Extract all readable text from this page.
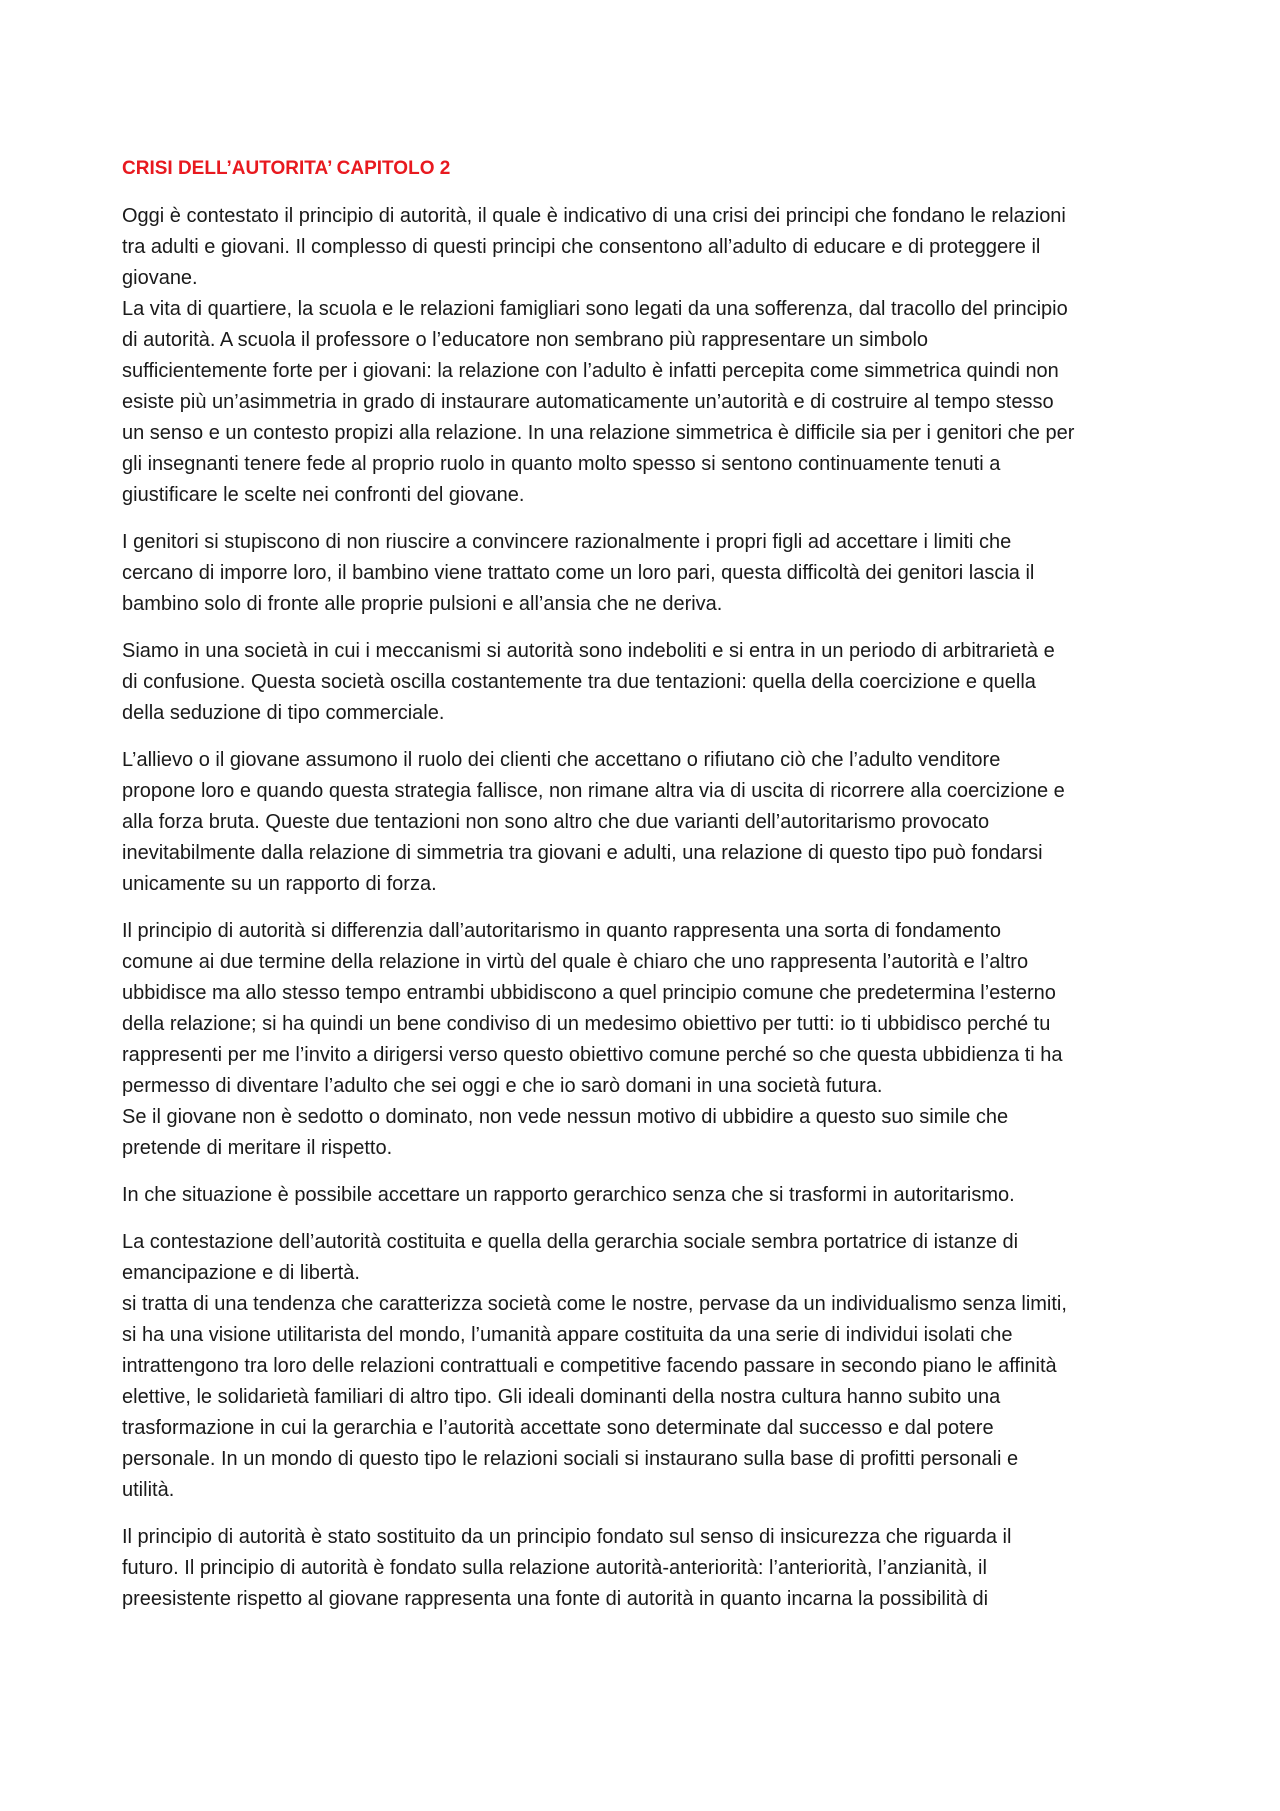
CRISI DELL’AUTORITA’ CAPITOLO 2

Oggi è contestato il principio di autorità, il quale è indicativo di una crisi dei principi che fondano le relazioni
tra adulti e giovani. Il complesso di questi principi che consentono all’adulto di educare e di proteggere il
giovane.
La vita di quartiere, la scuola e le relazioni famigliari sono legati da una sofferenza, dal tracollo del principio
di autorità. A scuola il professore o l’educatore non sembrano più rappresentare un simbolo
sufficientemente forte per i giovani: la relazione con l’adulto è infatti percepita come simmetrica quindi non
esiste più un’asimmetria in grado di instaurare automaticamente un’autorità e di costruire al tempo stesso
un senso e un contesto propizi alla relazione. In una relazione simmetrica è difficile sia per i genitori che per
gli insegnanti tenere fede al proprio ruolo in quanto molto spesso si sentono continuamente tenuti a
giustificare le scelte nei confronti del giovane.

I genitori si stupiscono di non riuscire a convincere razionalmente i propri figli ad accettare i limiti che
cercano di imporre loro, il bambino viene trattato come un loro pari, questa difficoltà dei genitori lascia il
bambino solo di fronte alle proprie pulsioni e all’ansia che ne deriva.

Siamo in una società in cui i meccanismi si autorità sono indeboliti e si entra in un periodo di arbitrarietà e
di confusione. Questa società oscilla costantemente tra due tentazioni: quella della coercizione e quella
della seduzione di tipo commerciale.

L’allievo o il giovane assumono il ruolo dei clienti che accettano o rifiutano ciò che l’adulto venditore
propone loro e quando questa strategia fallisce, non rimane altra via di uscita di ricorrere alla coercizione e
alla forza bruta. Queste due tentazioni non sono altro che due varianti dell’autoritarismo provocato
inevitabilmente dalla relazione di simmetria tra giovani e adulti, una relazione di questo tipo può fondarsi
unicamente su un rapporto di forza.

Il principio di autorità si differenzia dall’autoritarismo in quanto rappresenta una sorta di fondamento
comune ai due termine della relazione in virtù del quale è chiaro che uno rappresenta l’autorità e l’altro
ubbidisce ma allo stesso tempo entrambi ubbidiscono a quel principio comune che predetermina l’esterno
della relazione; si ha quindi un bene condiviso di un medesimo obiettivo per tutti: io ti ubbidisco perché tu
rappresenti per me l’invito a dirigersi verso questo obiettivo comune perché so che questa ubbidienza ti ha
permesso di diventare l’adulto che sei oggi e che io sarò domani in una società futura.
Se il giovane non è sedotto o dominato, non vede nessun motivo di ubbidire a questo suo simile che
pretende di meritare il rispetto.

In che situazione è possibile accettare un rapporto gerarchico senza che si trasformi in autoritarismo.

La contestazione dell’autorità costituita e quella della gerarchia sociale sembra portatrice di istanze di
emancipazione e di libertà.
si tratta di una tendenza che caratterizza società come le nostre, pervase da un individualismo senza limiti,
si ha una visione utilitarista del mondo, l’umanità appare costituita da una serie di individui isolati che
intrattengono tra loro delle relazioni contrattuali e competitive facendo passare in secondo piano le affinità
elettive, le solidarietà familiari di altro tipo. Gli ideali dominanti della nostra cultura hanno subito una
trasformazione in cui la gerarchia e l’autorità accettate sono determinate dal successo e dal potere
personale. In un mondo di questo tipo le relazioni sociali si instaurano sulla base di profitti personali e
utilità.

Il principio di autorità è stato sostituito da un principio fondato sul senso di insicurezza che riguarda il
futuro. Il principio di autorità è fondato sulla relazione autorità-anteriorità: l’anteriorità, l’anzianità, il
preesistente rispetto al giovane rappresenta una fonte di autorità in quanto incarna la possibilità di
